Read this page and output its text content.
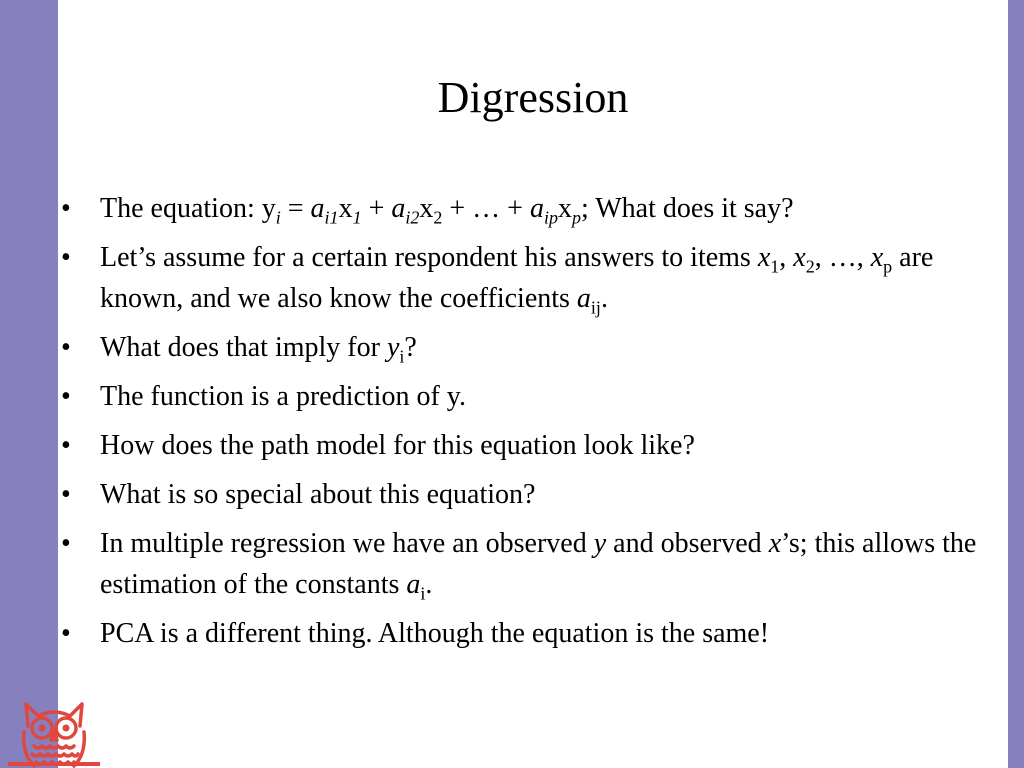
Digression
• The equation: $y_i = a_{i1}x_1 + a_{i2}x_2$ + … + $a_{ip}x_p$; What does it say?
• Let’s assume for a certain respondent his answers to items $x_1$, $x_2$, …, $x_p$ are known, and we also know the coefficients $a_{ij}$.
• What does that imply for $y_i$?
• The function is a prediction of y.
• How does the path model for this equation look like?
• What is so special about this equation?
• In multiple regression we have an observed y and observed x’s; this allows the estimation of the constants $a_i$.
• PCA is a different thing. Although the equation is the same!
